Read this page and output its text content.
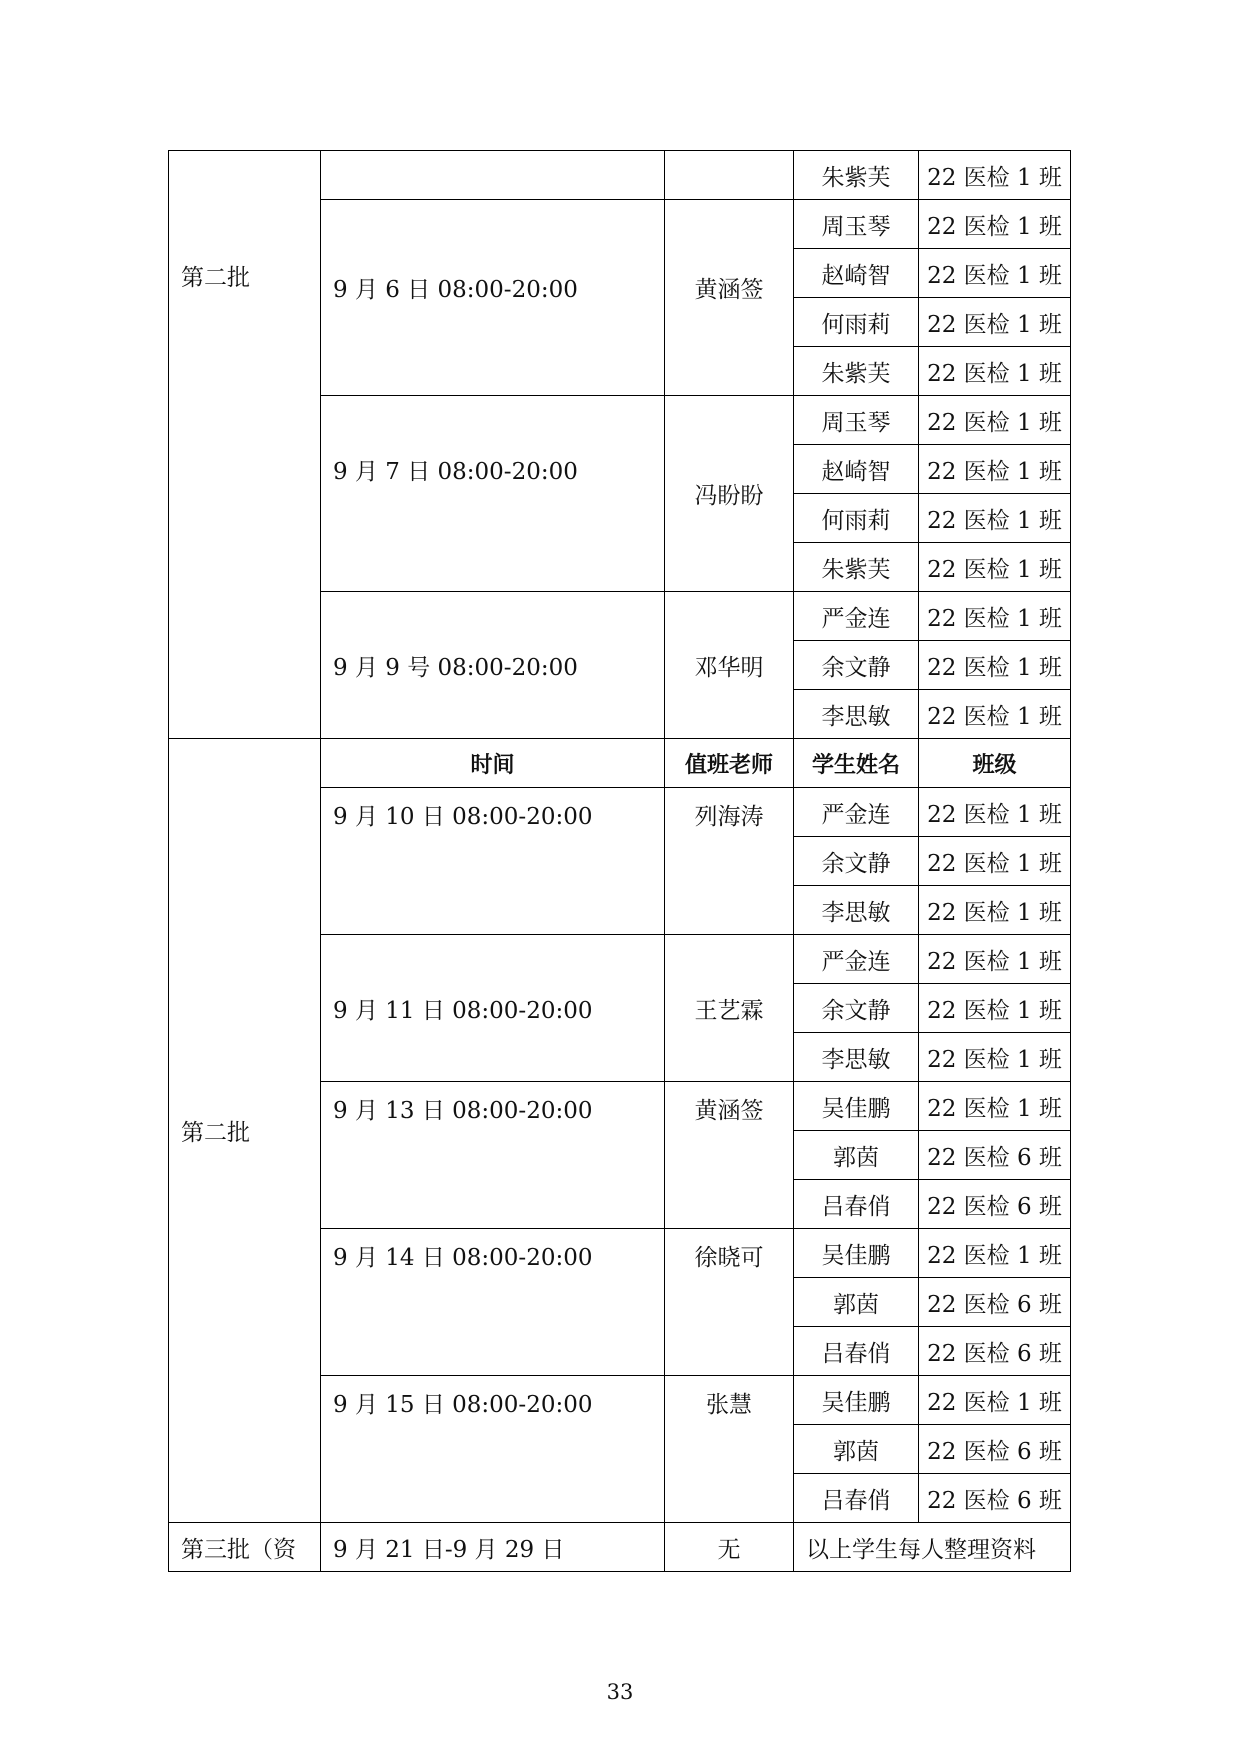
第二批			朱紫芙	22 医检 1 班
	9 月 6 日 08:00-20:00	黄涵签	周玉琴	22 医检 1 班
			赵崎智	22 医检 1 班
			何雨莉	22 医检 1 班
			朱紫芙	22 医检 1 班
	9 月 7 日 08:00-20:00	冯盼盼	周玉琴	22 医检 1 班
			赵崎智	22 医检 1 班
			何雨莉	22 医检 1 班
			朱紫芙	22 医检 1 班
	9 月 9 号 08:00-20:00	邓华明	严金连	22 医检 1 班
			余文静	22 医检 1 班
			李思敏	22 医检 1 班
第二批	时间	值班老师	学生姓名	班级
	9 月 10 日 08:00-20:00	列海涛	严金连	22 医检 1 班
			余文静	22 医检 1 班
			李思敏	22 医检 1 班
	9 月 11 日 08:00-20:00	王艺霖	严金连	22 医检 1 班
			余文静	22 医检 1 班
			李思敏	22 医检 1 班
	9 月 13 日 08:00-20:00	黄涵签	吴佳鹏	22 医检 1 班
			郭茵	22 医检 6 班
			吕春俏	22 医检 6 班
	9 月 14 日 08:00-20:00	徐晓可	吴佳鹏	22 医检 1 班
			郭茵	22 医检 6 班
			吕春俏	22 医检 6 班
	9 月 15 日 08:00-20:00	张慧	吴佳鹏	22 医检 1 班
			郭茵	22 医检 6 班
			吕春俏	22 医检 6 班
第三批（资	9 月 21 日-9 月 29 日	无	以上学生每人整理资料	
33
